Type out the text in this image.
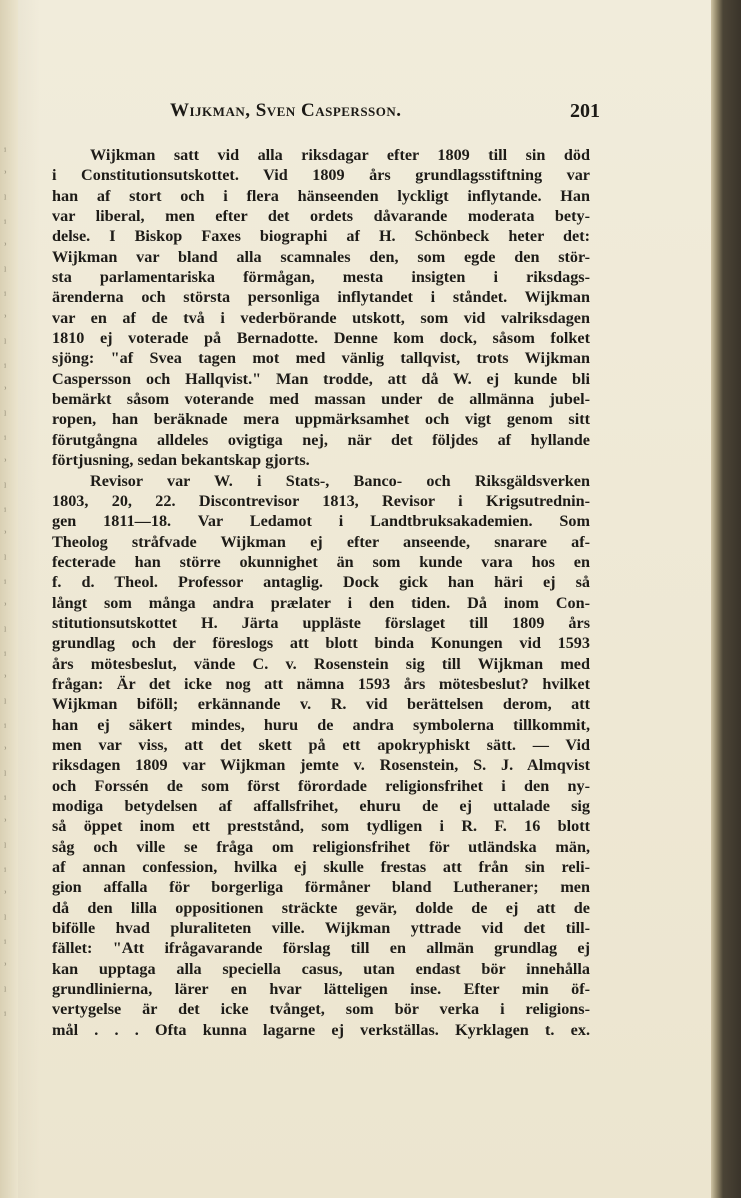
ⁱ
ʾ
ˡ
ⁱ
ʾ
ˡ
ⁱ
ʾ
ˡ
ⁱ
ʾ
ˡ
ⁱ
ʾ
ˡ
ⁱ
ʾ
ˡ
ⁱ
ʾ
ˡ
ⁱ
ʾ
ˡ
ⁱ
ʾ
ˡ
ⁱ
ʾ
ˡ
ⁱ
ʾ
ˡ
ⁱ
ʾ
ˡ
ⁱ
Wijkman, Sven Caspersson.	201
Wijkman satt vid alla riksdagar efter 1809 till sin död
i Constitutionsutskottet. Vid 1809 års grundlagsstiftning var
han af stort och i flera hänseenden lyckligt inflytande. Han
var liberal, men efter det ordets dåvarande moderata bety-
delse. I Biskop Faxes biographi af H. Schönbeck heter det:
Wijkman var bland alla scamnales den, som egde den stör-
sta parlamentariska förmågan, mesta insigten i riksdags-
ärenderna och största personliga inflytandet i ståndet. Wijkman
var en af de två i vederbörande utskott, som vid valriksdagen
1810 ej voterade på Bernadotte. Denne kom dock, såsom folket
sjöng: "af Svea tagen mot med vänlig tallqvist, trots Wijkman
Caspersson och Hallqvist." Man trodde, att då W. ej kunde bli
bemärkt såsom voterande med massan under de allmänna jubel-
ropen, han beräknade mera uppmärksamhet och vigt genom sitt
förutgångna alldeles ovigtiga nej, när det följdes af hyllande
förtjusning, sedan bekantskap gjorts.
Revisor var W. i Stats-, Banco- och Riksgäldsverken
1803, 20, 22. Discontrevisor 1813, Revisor i Krigsutrednin-
gen 1811—18. Var Ledamot i Landtbruksakademien. Som
Theolog stråfvade Wijkman ej efter anseende, snarare af-
fecterade han större okunnighet än som kunde vara hos en
f. d. Theol. Professor antaglig. Dock gick han häri ej så
långt som många andra prælater i den tiden. Då inom Con-
stitutionsutskottet H. Järta uppläste förslaget till 1809 års
grundlag och der föreslogs att blott binda Konungen vid 1593
års mötesbeslut, vände C. v. Rosenstein sig till Wijkman med
frågan: Är det icke nog att nämna 1593 års mötesbeslut? hvilket
Wijkman biföll; erkännande v. R. vid berättelsen derom, att
han ej säkert mindes, huru de andra symbolerna tillkommit,
men var viss, att det skett på ett apokryphiskt sätt. — Vid
riksdagen 1809 var Wijkman jemte v. Rosenstein, S. J. Almqvist
och Forssén de som först förordade religionsfrihet i den ny-
modiga betydelsen af affallsfrihet, ehuru de ej uttalade sig
så öppet inom ett preststånd, som tydligen i R. F. 16 blott
såg och ville se fråga om religionsfrihet för utländska män,
af annan confession, hvilka ej skulle frestas att från sin reli-
gion affalla för borgerliga förmåner bland Lutheraner; men
då den lilla oppositionen sträckte gevär, dolde de ej att de
bifölle hvad pluraliteten ville. Wijkman yttrade vid det till-
fället: "Att ifrågavarande förslag till en allmän grundlag ej
kan upptaga alla speciella casus, utan endast bör innehålla
grundlinierna, lärer en hvar lätteligen inse. Efter min öf-
vertygelse är det icke tvånget, som bör verka i religions-
mål . . . Ofta kunna lagarne ej verkställas. Kyrklagen t. ex.
